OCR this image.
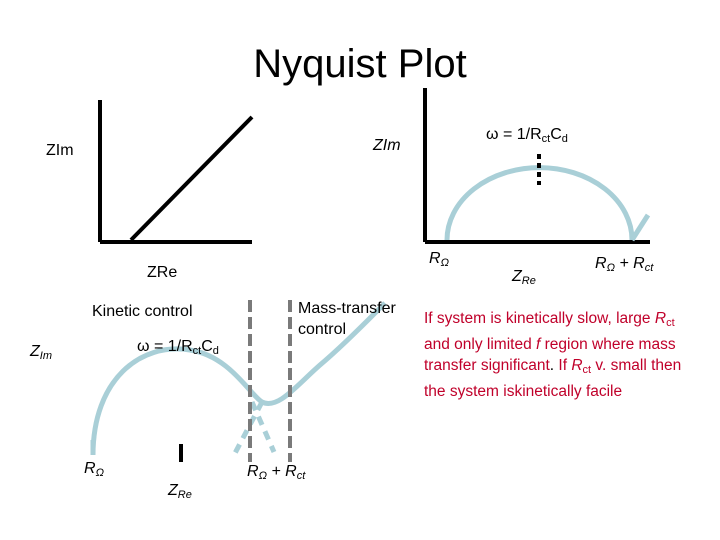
Nyquist Plot
ZIm
ZRe
ZIm
$\omega = 1/R_{ct}C_d$
$R_\Omega$
$Z_{Re}$
$R_\Omega + R_{ct}$
$Z_{Im}$
Kinetic control	Mass-transfer
control
$\omega = 1/R_{ct}C_d$
$R_\Omega$
$Z_{Re}$
$R_\Omega + R_{ct}$
If system is kinetically slow, large $R_{ct}$ and only limited f region where mass transfer significant. If $R_{ct}$ v. small then the system iskinetically facile
